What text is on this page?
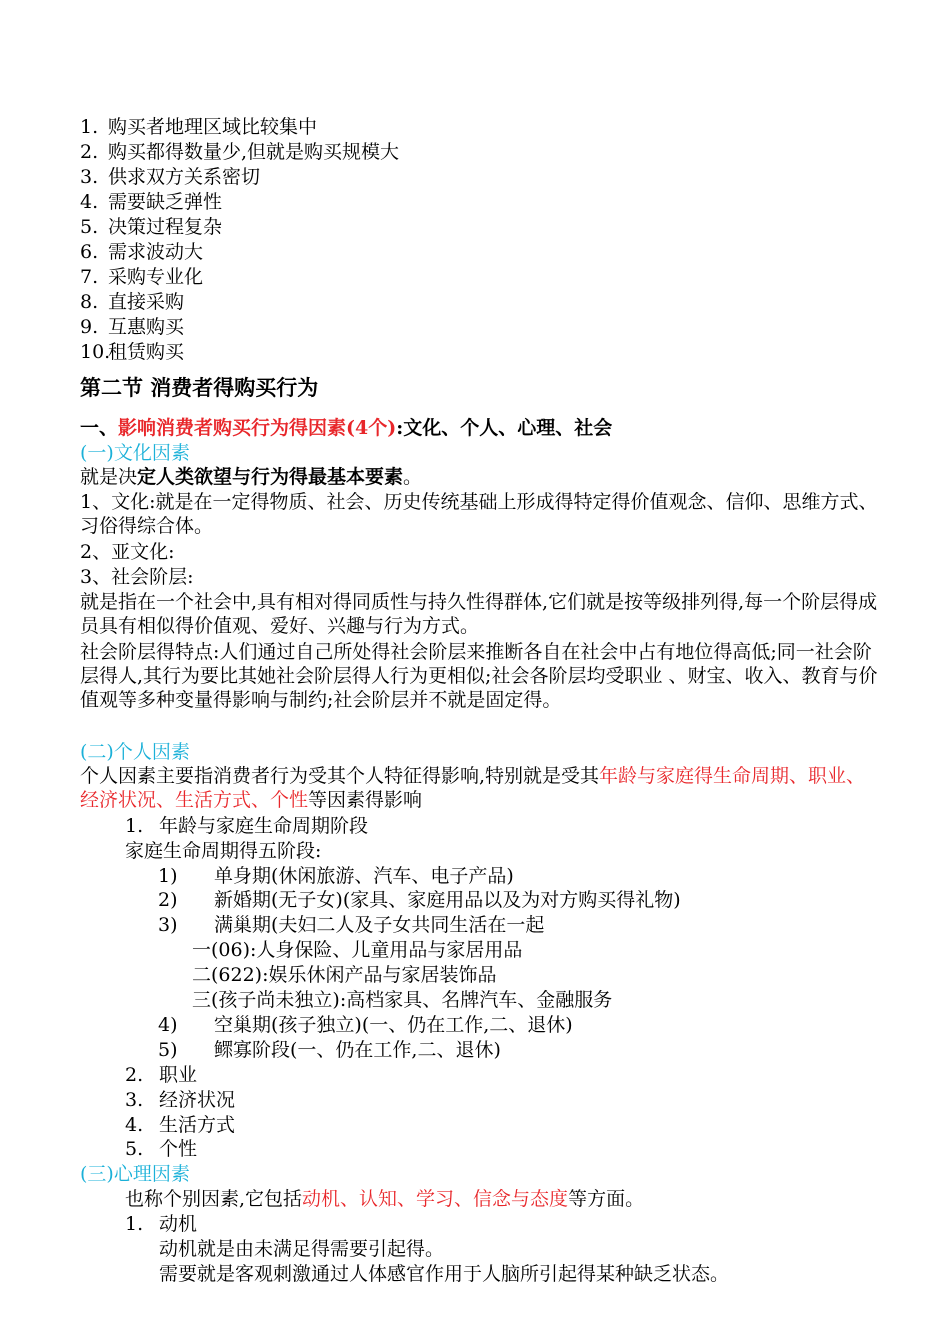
1. 购买者地理区域比较集中
2. 购买都得数量少,但就是购买规模大
3. 供求双方关系密切
4. 需要缺乏弹性
5. 决策过程复杂
6. 需求波动大
7. 采购专业化
8. 直接采购
9. 互惠购买
10.租赁购买
第二节 消费者得购买行为
一、影响消费者购买行为得因素(4个):文化、个人、心理、社会
(一)文化因素
就是决定人类欲望与行为得最基本要素。
1、文化:就是在一定得物质、社会、历史传统基础上形成得特定得价值观念、信仰、思维方式、习俗得综合体。
2、亚文化:
3、社会阶层:
就是指在一个社会中,具有相对得同质性与持久性得群体,它们就是按等级排列得,每一个阶层得成员具有相似得价值观、爱好、兴趣与行为方式。
社会阶层得特点:人们通过自己所处得社会阶层来推断各自在社会中占有地位得高低;同一社会阶层得人,其行为要比其她社会阶层得人行为更相似;社会各阶层均受职业 、财宝、收入、教育与价值观等多种变量得影响与制约;社会阶层并不就是固定得。
(二)个人因素
个人因素主要指消费者行为受其个人特征得影响,特别就是受其年龄与家庭得生命周期、职业、经济状况、生活方式、个性等因素得影响
1. 年龄与家庭生命周期阶段
家庭生命周期得五阶段:
1) 单身期(休闲旅游、汽车、电子产品)
2) 新婚期(无子女)(家具、家庭用品以及为对方购买得礼物)
3) 满巢期(夫妇二人及子女共同生活在一起
一(06):人身保险、儿童用品与家居用品
二(622):娱乐休闲产品与家居装饰品
三(孩子尚未独立):高档家具、名牌汽车、金融服务
4) 空巢期(孩子独立)(一、仍在工作,二、退休)
5) 鳏寡阶段(一、仍在工作,二、退休)
2. 职业
3. 经济状况
4. 生活方式
5. 个性
(三)心理因素
也称个别因素,它包括动机、认知、学习、信念与态度等方面。
1. 动机
动机就是由未满足得需要引起得。
需要就是客观刺激通过人体感官作用于人脑所引起得某种缺乏状态。
